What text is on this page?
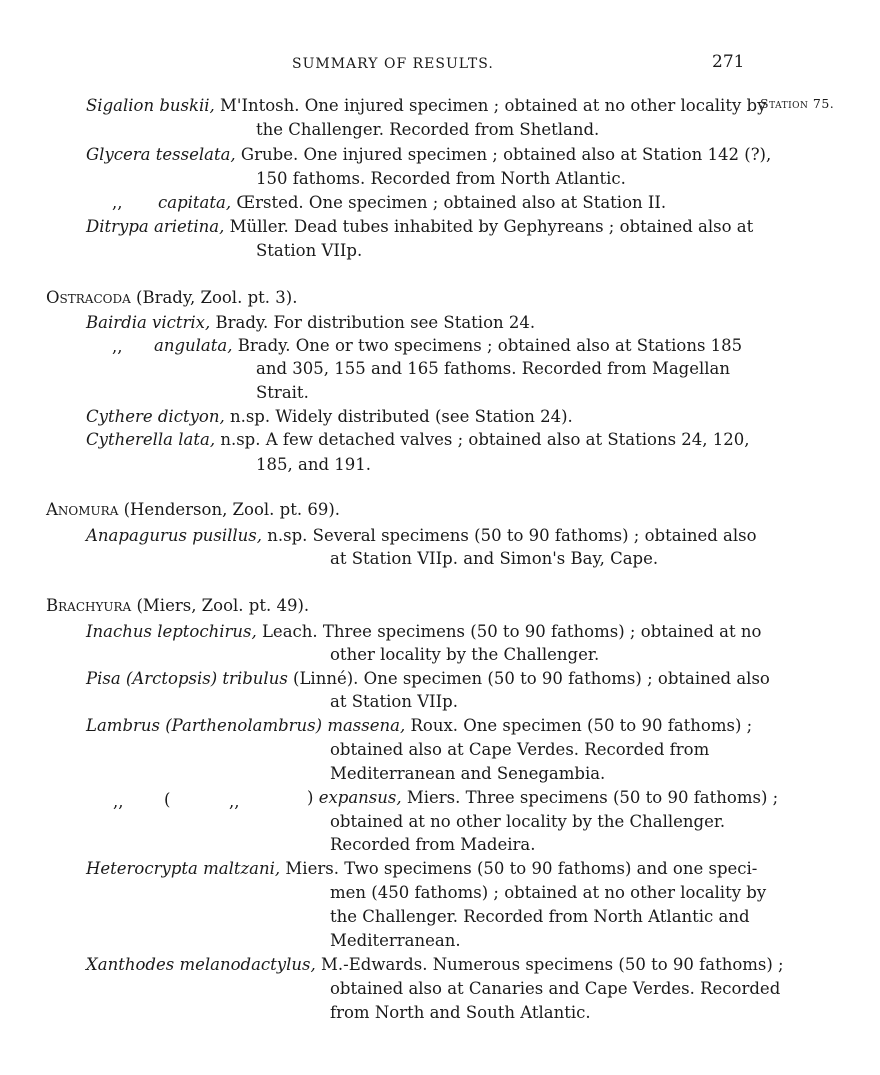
SUMMARY OF RESULTS.	271
Station 75.
Sigalion buskii, M'Intosh. One injured specimen ; obtained at no other locality by
the Challenger. Recorded from Shetland.
Glycera tesselata, Grube. One injured specimen ; obtained also at Station 142 (?),
150 fathoms. Recorded from North Atlantic.
,, capitata, Œrsted. One specimen ; obtained also at Station II.
Ditrypa arietina, Müller. Dead tubes inhabited by Gephyreans ; obtained also at
Station VIIp.
Ostracoda (Brady, Zool. pt. 3).
Bairdia victrix, Brady. For distribution see Station 24.
,, angulata, Brady. One or two specimens ; obtained also at Stations 185
and 305, 155 and 165 fathoms. Recorded from Magellan
Strait.
Cythere dictyon, n.sp. Widely distributed (see Station 24).
Cytherella lata, n.sp. A few detached valves ; obtained also at Stations 24, 120,
185, and 191.
Anomura (Henderson, Zool. pt. 69).
Anapagurus pusillus, n.sp. Several specimens (50 to 90 fathoms) ; obtained also
at Station VIIp. and Simon's Bay, Cape.
Brachyura (Miers, Zool. pt. 49).
Inachus leptochirus, Leach. Three specimens (50 to 90 fathoms) ; obtained at no
other locality by the Challenger.
Pisa (Arctopsis) tribulus (Linné). One specimen (50 to 90 fathoms) ; obtained also
at Station VIIp.
Lambrus (Parthenolambrus) massena, Roux. One specimen (50 to 90 fathoms) ;
obtained also at Cape Verdes. Recorded from
Mediterranean and Senegambia.
,, (	,,	) expansus, Miers. Three specimens (50 to 90 fathoms) ;
obtained at no other locality by the Challenger.
Recorded from Madeira.
Heterocrypta maltzani, Miers. Two specimens (50 to 90 fathoms) and one speci-
men (450 fathoms) ; obtained at no other locality by
the Challenger. Recorded from North Atlantic and
Mediterranean.
Xanthodes melanodactylus, M.-Edwards. Numerous specimens (50 to 90 fathoms) ;
obtained also at Canaries and Cape Verdes. Recorded
from North and South Atlantic.
